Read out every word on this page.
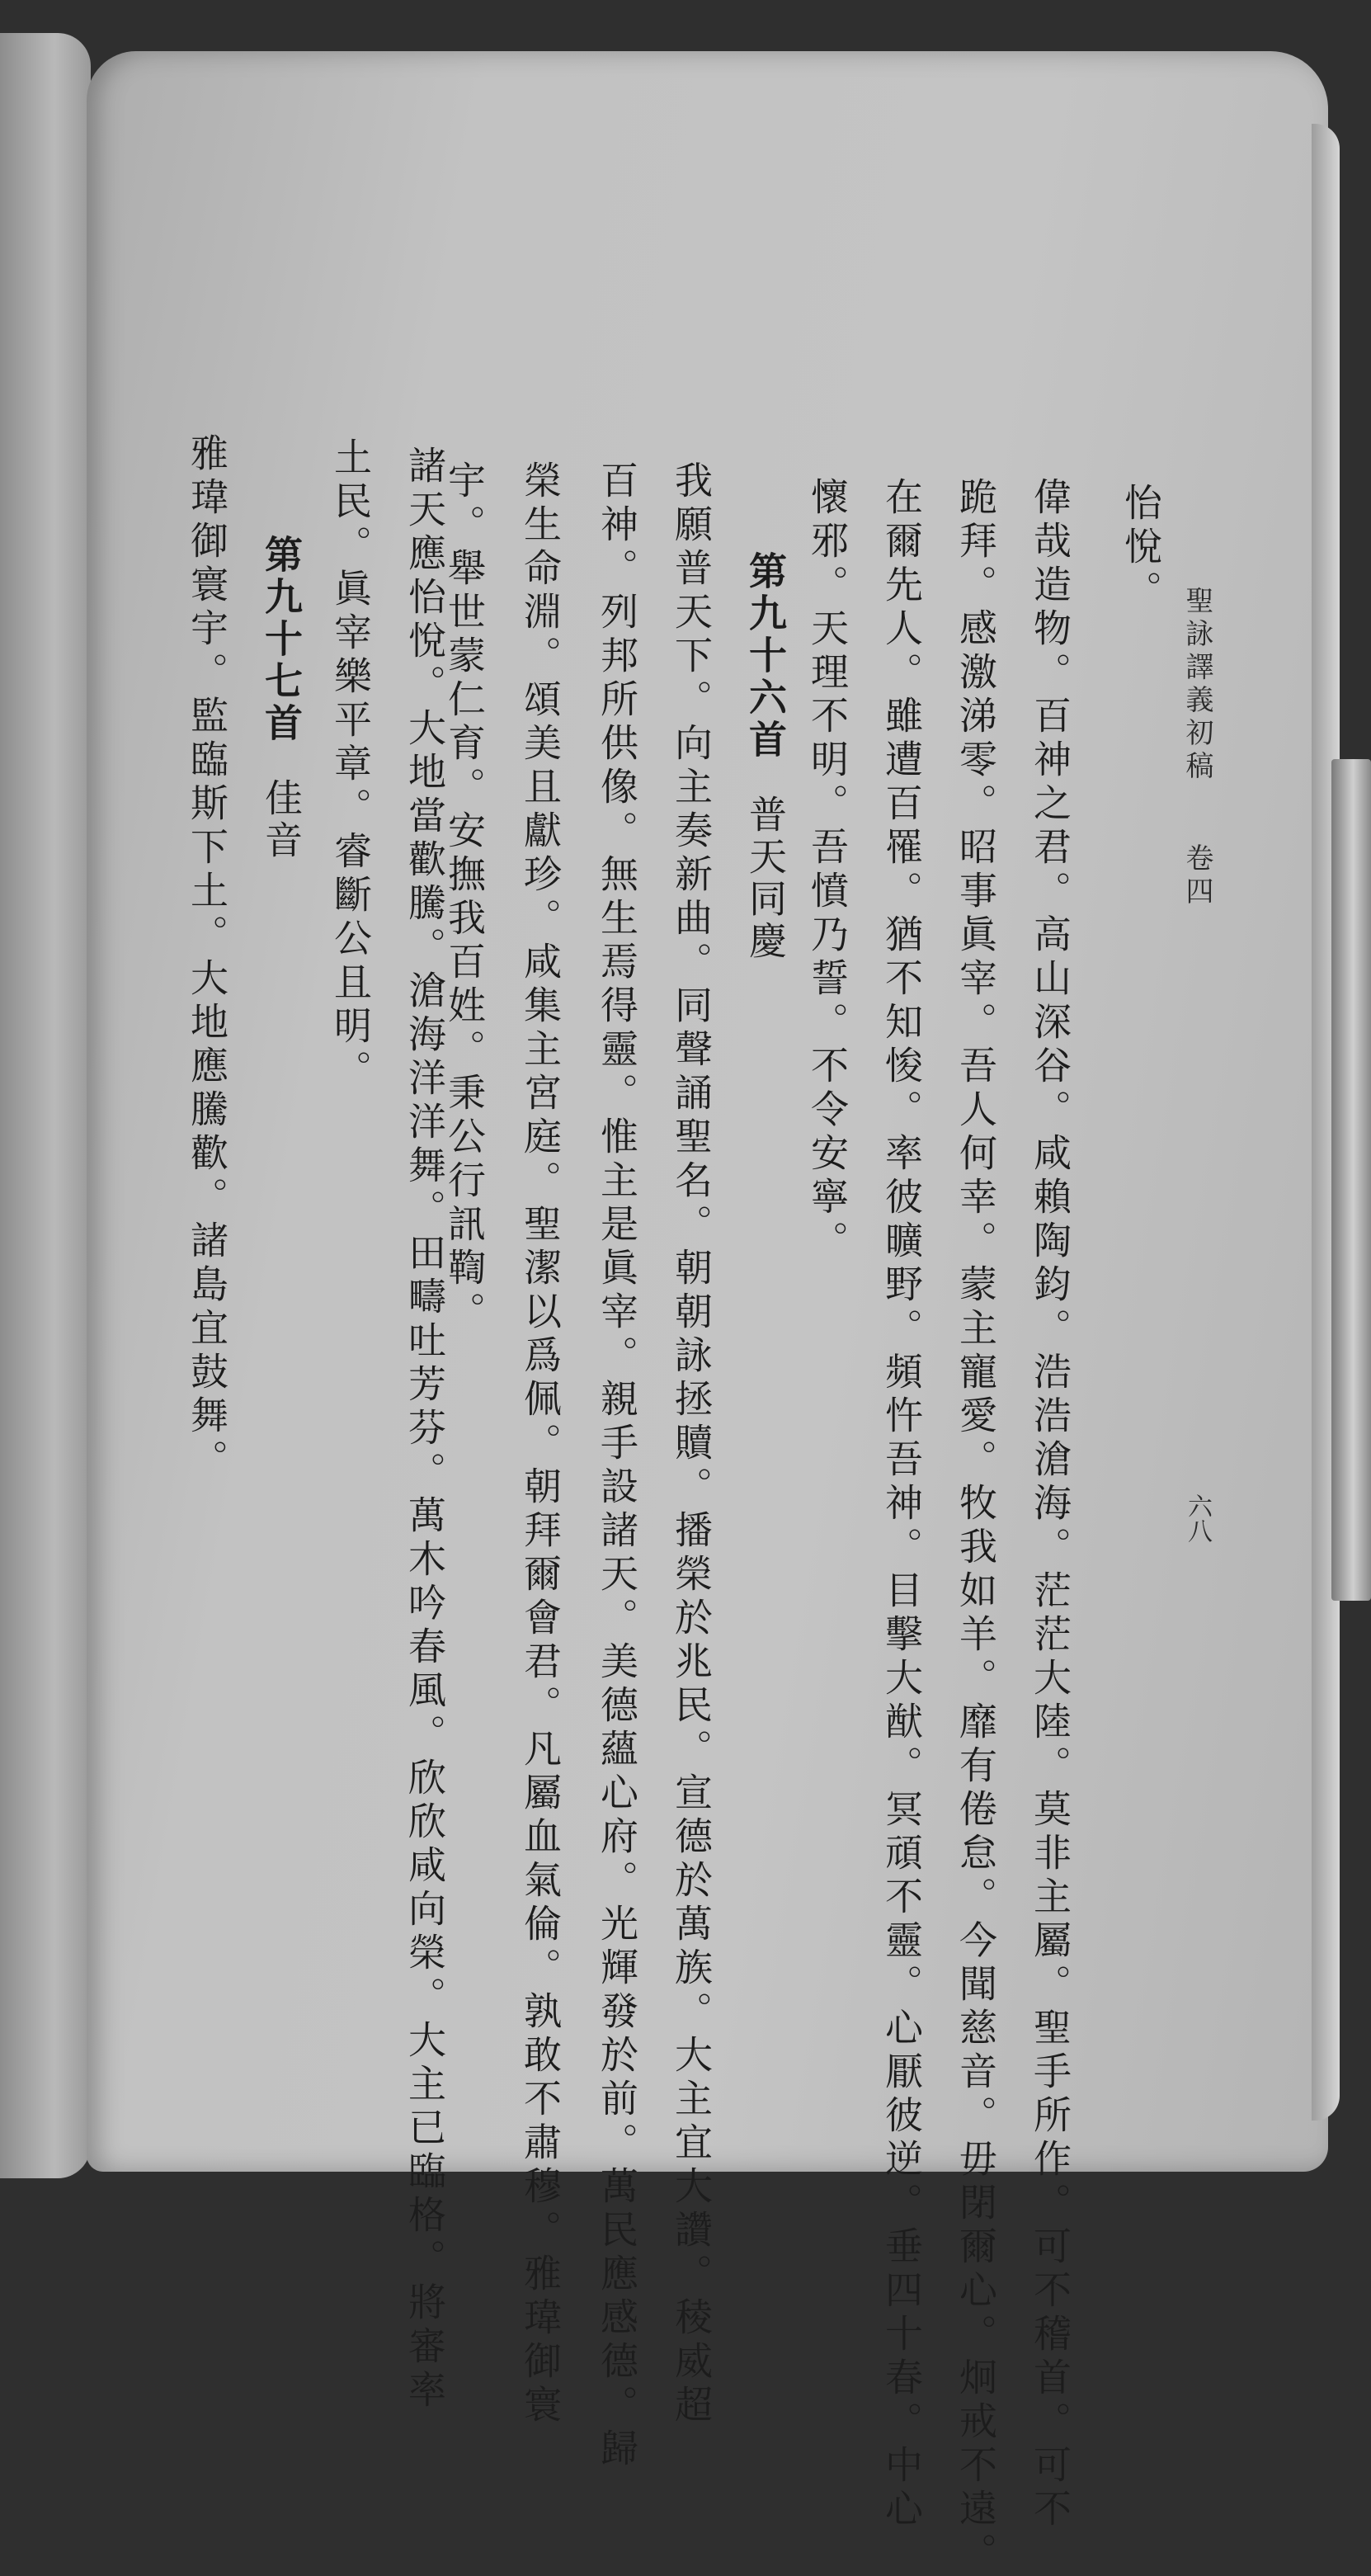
聖詠譯義初稿 卷四
六八
怡悅。
偉哉造物。百神之君。高山深谷。咸賴陶鈞。浩浩滄海。茫茫大陸。莫非主屬。聖手所作。可不稽首。可不
跪拜。感激涕零。昭事眞宰。吾人何幸。蒙主寵愛。牧我如羊。靡有倦怠。今聞慈音。毋閉爾心。炯戒不遠。
在爾先人。雖遭百罹。猶不知悛。率彼曠野。頻忤吾神。目擊大猷。冥頑不靈。心厭彼逆。垂四十春。中心
懷邪。天理不明。吾憤乃誓。不令安寧。
第九十六首普天同慶
我願普天下。向主奏新曲。同聲誦聖名。朝朝詠拯贖。播榮於兆民。宣德於萬族。大主宜大讚。稜威超
百神。列邦所供像。無生焉得靈。惟主是眞宰。親手設諸天。美德蘊心府。光輝發於前。萬民應感德。歸
榮生命淵。頌美且獻珍。咸集主宮庭。聖潔以爲佩。朝拜爾會君。凡屬血氣倫。孰敢不肅穆。雅瑋御寰
宇。舉世蒙仁育。安撫我百姓。秉公行訊鞫。
諸天應怡悅。大地當歡騰。滄海洋洋舞。田疇吐芳芬。萬木吟春風。欣欣咸向榮。大主已臨格。將審率
土民。眞宰樂平章。睿斷公且明。
第九十七首佳音
雅瑋御寰宇。監臨斯下土。大地應騰歡。諸島宜鼓舞。
